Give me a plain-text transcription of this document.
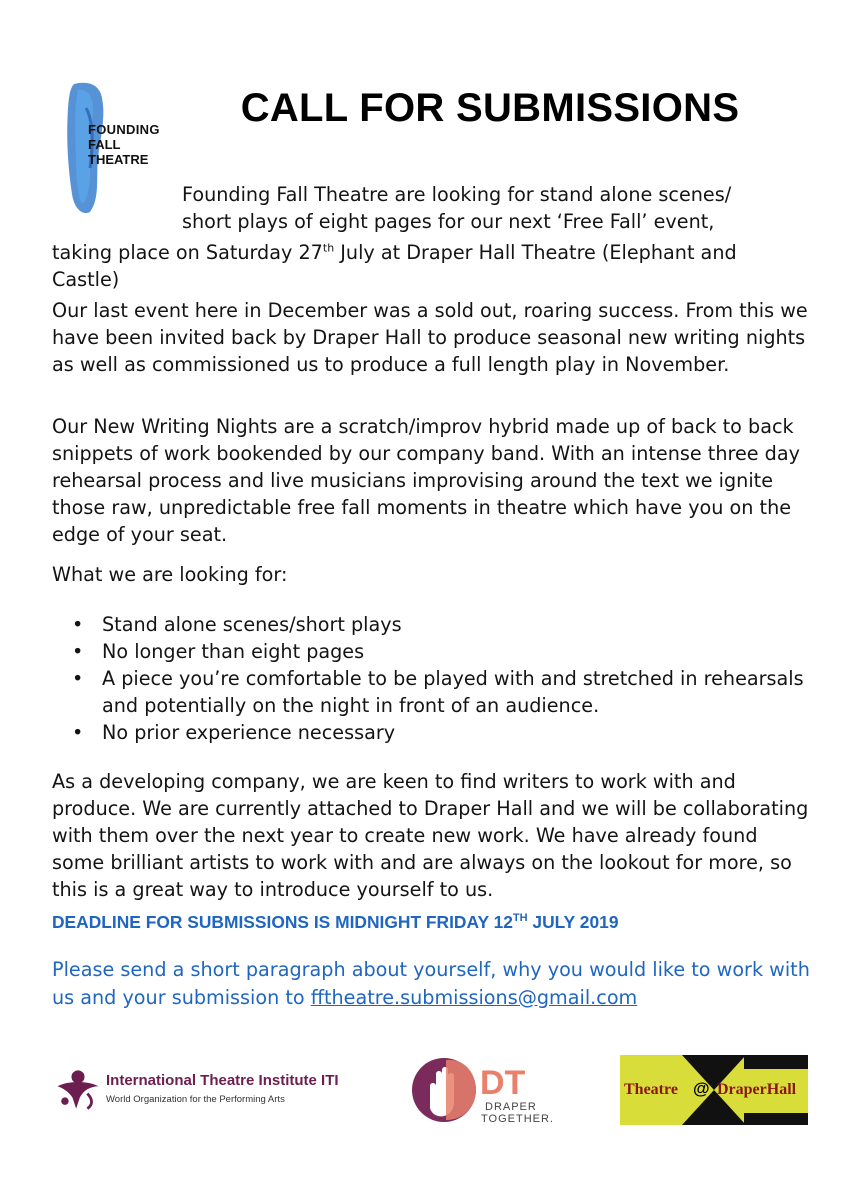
FOUNDING
FALL
THEATRE
CALL FOR SUBMISSIONS
Founding Fall Theatre are looking for stand alone scenes/
short plays of eight pages for our next ‘Free Fall’ event,
taking place on Saturday 27th July at Draper Hall Theatre (Elephant and
Castle)
Our last event here in December was a sold out, roaring success. From this we have been invited back by Draper Hall to produce seasonal new writing nights as well as commissioned us to produce a full length play in November.
Our New Writing Nights are a scratch/improv hybrid made up of back to back snippets of work bookended by our company band. With an intense three day rehearsal process and live musicians improvising around the text we ignite those raw, unpredictable free fall moments in theatre which have you on the edge of your seat.
What we are looking for:
• Stand alone scenes/short plays
• No longer than eight pages
• A piece you’re comfortable to be played with and stretched in rehearsals and potentially on the night in front of an audience.
• No prior experience necessary
As a developing company, we are keen to find writers to work with and produce. We are currently attached to Draper Hall and we will be collaborating with them over the next year to create new work. We have already found some brilliant artists to work with and are always on the lookout for more, so this is a great way to introduce yourself to us.
DEADLINE FOR SUBMISSIONS IS MIDNIGHT FRIDAY 12TH JULY 2019
Please send a short paragraph about yourself, why you would like to work with us and your submission to fftheatre.submissions@gmail.com
International Theatre Institute ITI
World Organization for the Performing Arts	DT
DRAPER
TOGETHER.
Theatre @ DraperHall
